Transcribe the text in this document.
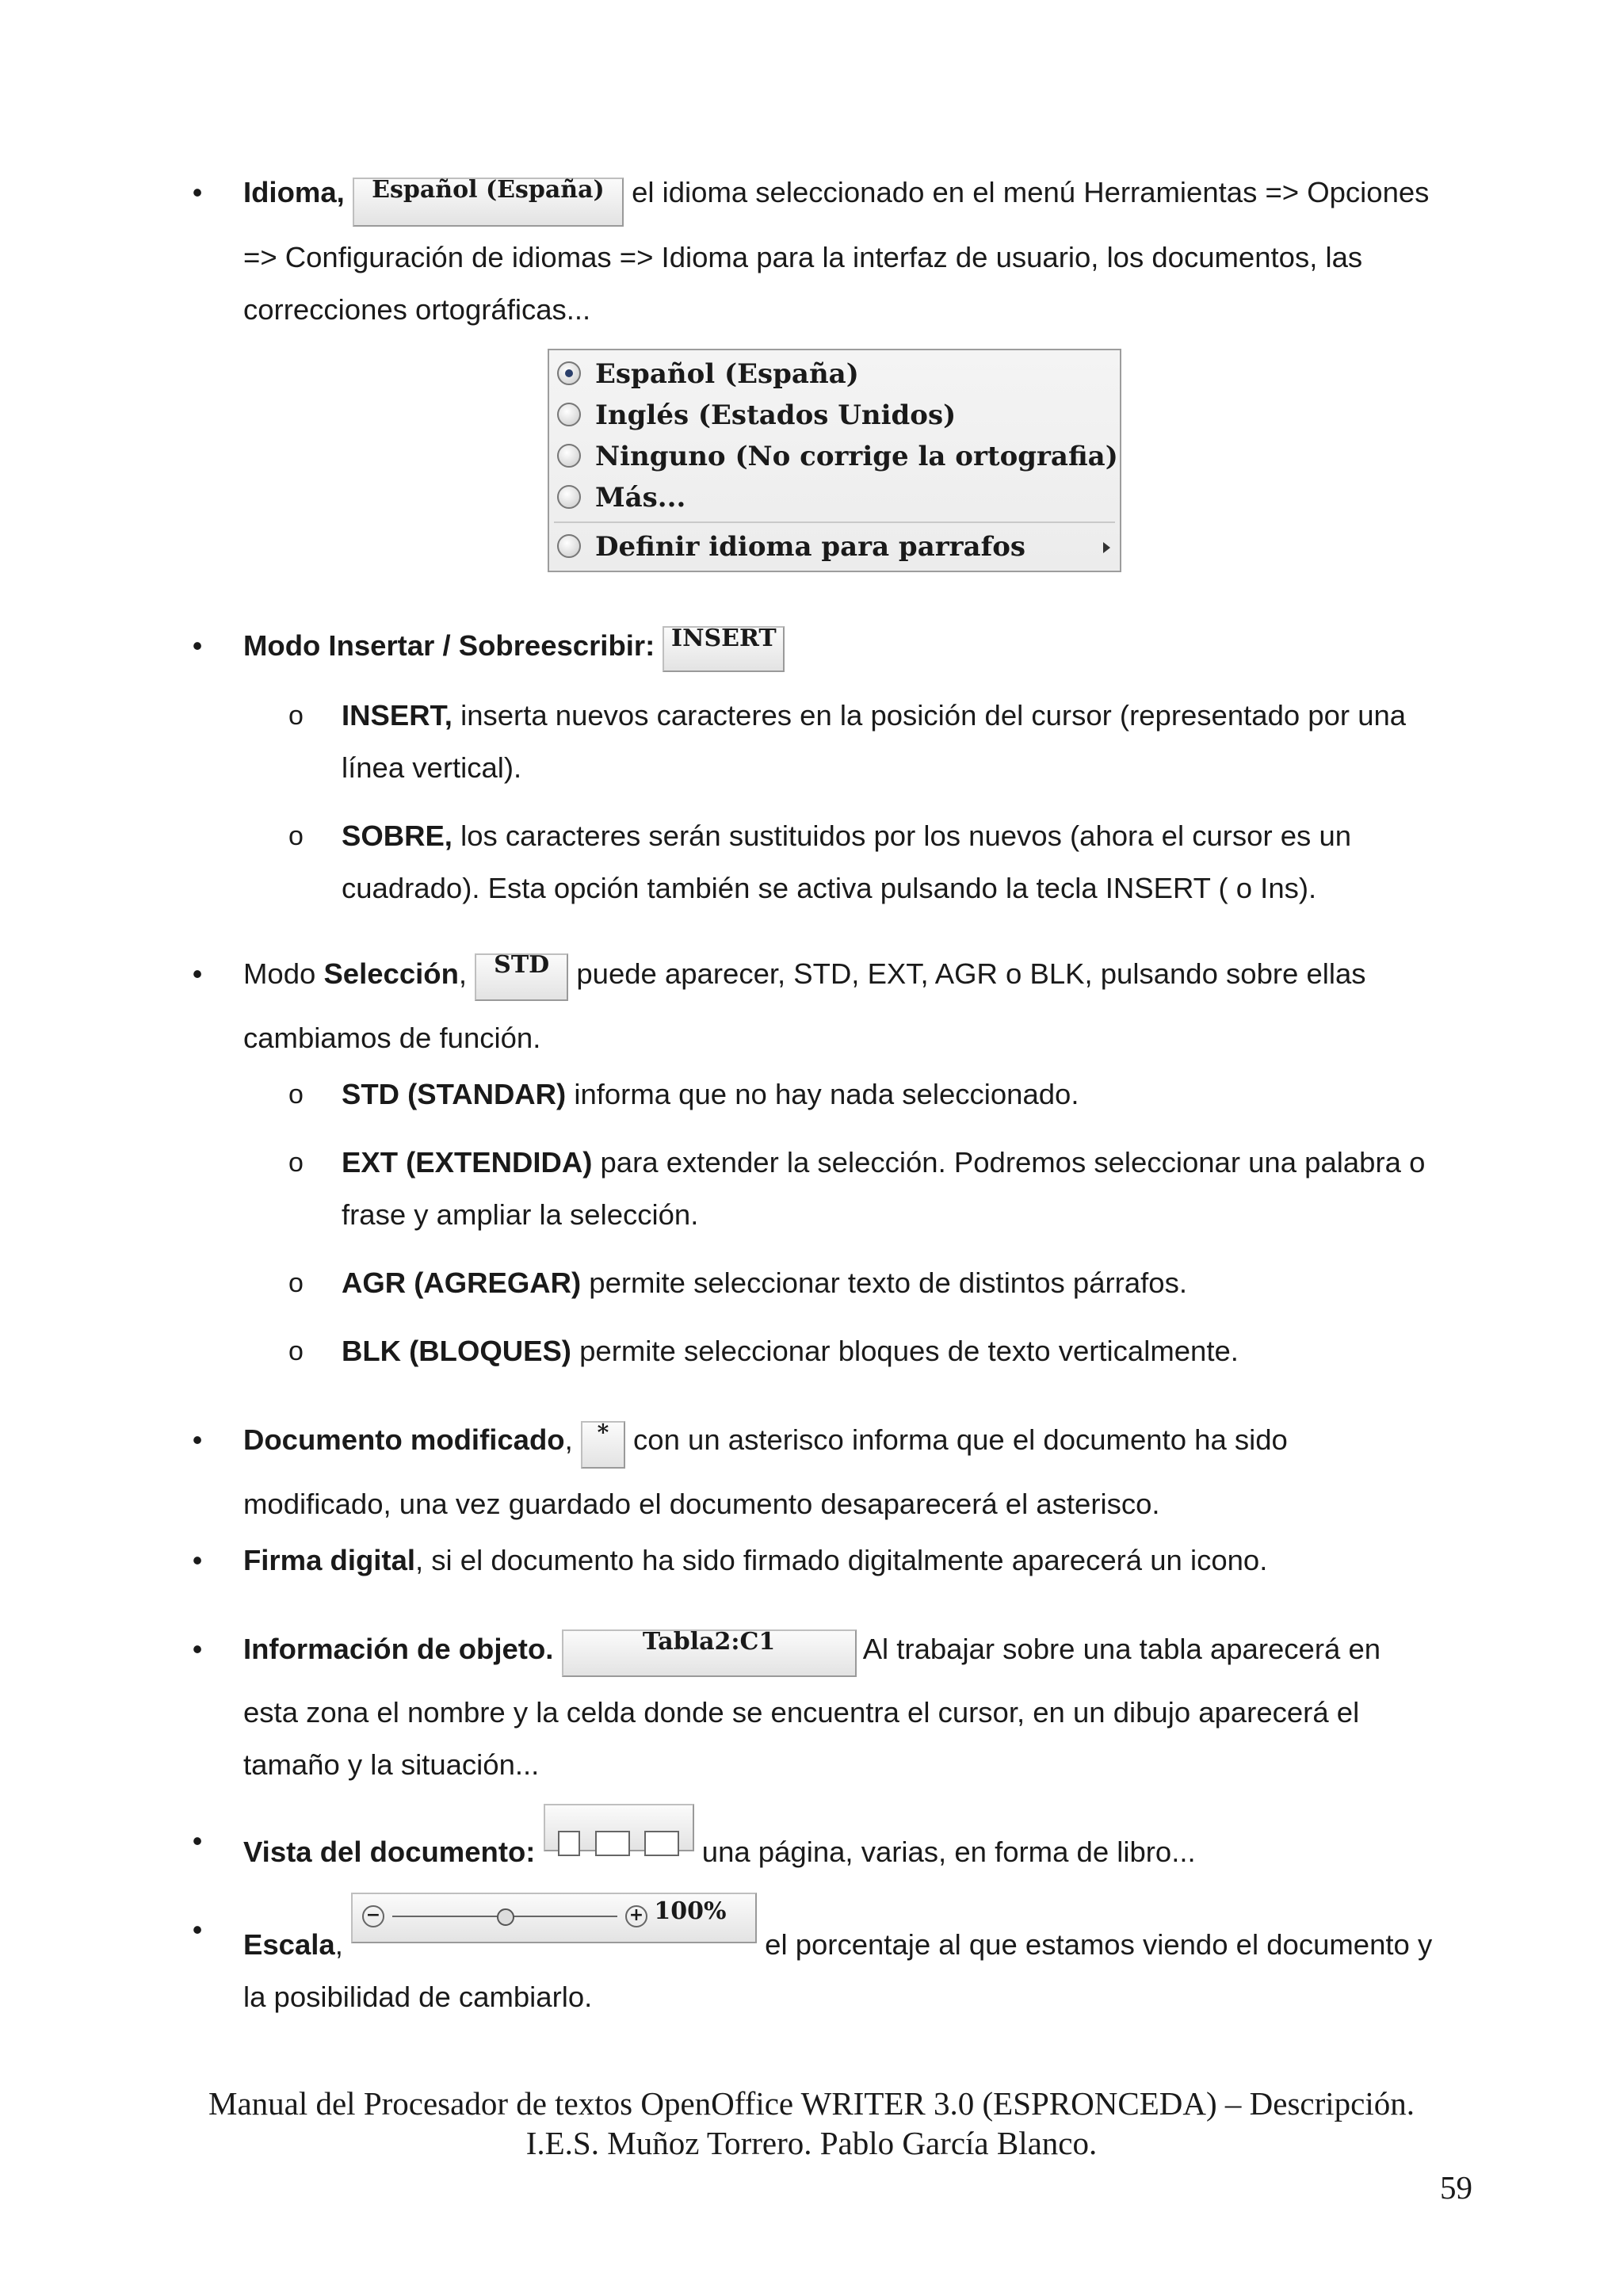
• Idioma, Español (España) el idioma seleccionado en el menú Herramientas => Opciones
=> Configuración de idiomas => Idioma para la interfaz de usuario, los documentos, las
correcciones ortográficas...
Español (España)
Inglés (Estados Unidos)
Ninguno (No corrige la ortografia)
Más...
Definir idioma para parrafos
• Modo Insertar / Sobreescribir: INSERT
o INSERT, inserta nuevos caracteres en la posición del cursor (representado por una
línea vertical).
o SOBRE, los caracteres serán sustituidos por los nuevos (ahora el cursor es un
cuadrado). Esta opción también se activa pulsando la tecla INSERT ( o Ins).
• Modo Selección, STD puede aparecer, STD, EXT, AGR o BLK, pulsando sobre ellas
cambiamos de función.
o STD (STANDAR) informa que no hay nada seleccionado.
o EXT (EXTENDIDA) para extender la selección. Podremos seleccionar una palabra o
frase y ampliar la selección.
o AGR (AGREGAR) permite seleccionar texto de distintos párrafos.
o BLK (BLOQUES) permite seleccionar bloques de texto verticalmente.
• Documento modificado, * con un asterisco informa que el documento ha sido
modificado, una vez guardado el documento desaparecerá el asterisco.
• Firma digital, si el documento ha sido firmado digitalmente aparecerá un icono.
• Información de objeto.	Tabla2:C1	Al trabajar sobre una tabla aparecerá en
esta zona el nombre y la celda donde se encuentra el cursor, en un dibujo aparecerá el
tamaño y la situación...
• Vista del documento:	una página, varias, en forma de libro...
• Escala,
−	+ 100%
el porcentaje al que estamos viendo el documento y
la posibilidad de cambiarlo.
Manual del Procesador de textos OpenOffice WRITER 3.0 (ESPRONCEDA) – Descripción.
I.E.S. Muñoz Torrero. Pablo García Blanco.
59
